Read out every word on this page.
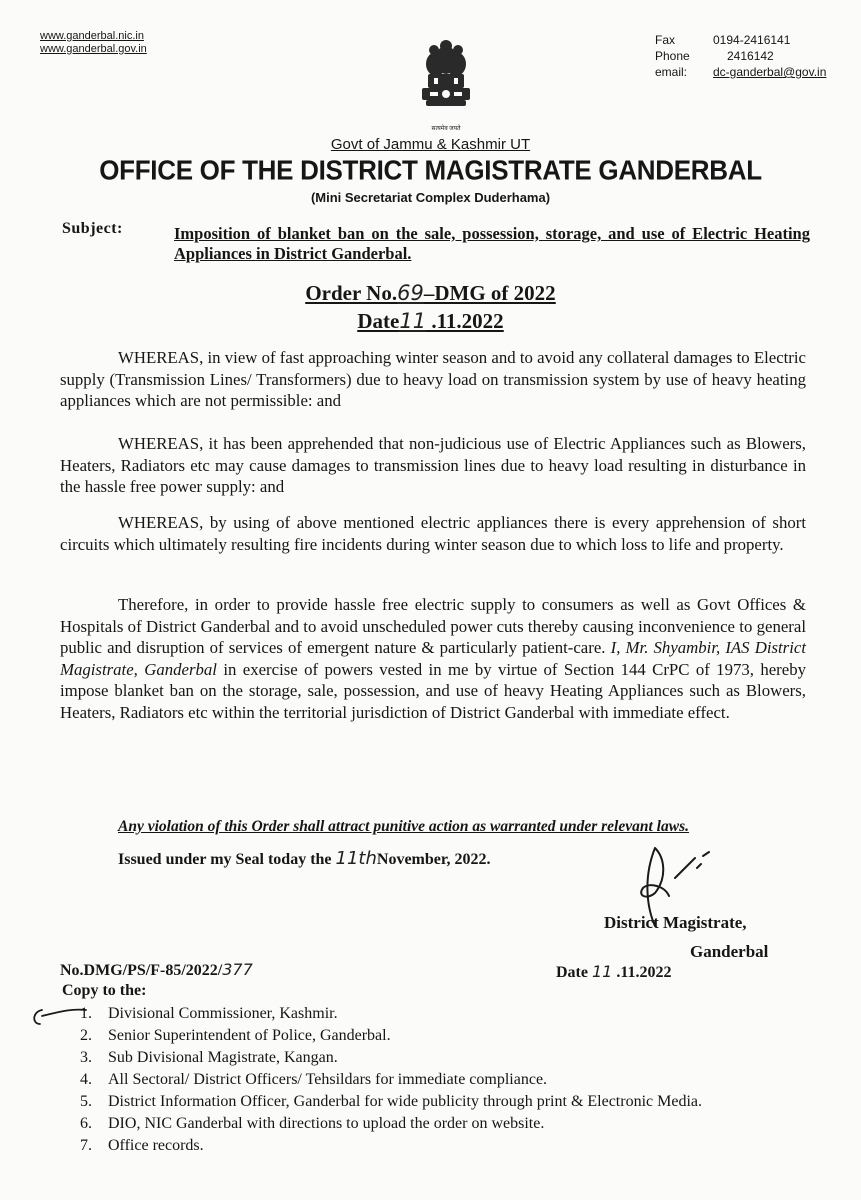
www.ganderbal.nic.in
www.ganderbal.gov.in
Fax	0194-2416141
Phone	2416142
email: dc-ganderbal@gov.in
सत्यमेव जयते
Govt of Jammu & Kashmir UT
OFFICE OF THE DISTRICT MAGISTRATE GANDERBAL
(Mini Secretariat Complex Duderhama)
Subject:	Imposition of blanket ban on the sale, possession, storage, and use of Electric Heating Appliances in District Ganderbal.
Order No.69–DMG of 2022
Date11 .11.2022
WHEREAS, in view of fast approaching winter season and to avoid any collateral damages to Electric supply (Transmission Lines/ Transformers) due to heavy load on transmission system by use of heavy heating appliances which are not permissible: and
WHEREAS, it has been apprehended that non-judicious use of Electric Appliances such as Blowers, Heaters, Radiators etc may cause damages to transmission lines due to heavy load resulting in disturbance in the hassle free power supply: and
WHEREAS, by using of above mentioned electric appliances there is every apprehension of short circuits which ultimately resulting fire incidents during winter season due to which loss to life and property.
Therefore, in order to provide hassle free electric supply to consumers as well as Govt Offices & Hospitals of District Ganderbal and to avoid unscheduled power cuts thereby causing inconvenience to general public and disruption of services of emergent nature & particularly patient-care. I, Mr. Shyambir, IAS District Magistrate, Ganderbal in exercise of powers vested in me by virtue of Section 144 CrPC of 1973, hereby impose blanket ban on the storage, sale, possession, and use of heavy Heating Appliances such as Blowers, Heaters, Radiators etc within the territorial jurisdiction of District Ganderbal with immediate effect.
Any violation of this Order shall attract punitive action as warranted under relevant laws.
Issued under my Seal today the 11thNovember, 2022.
District Magistrate,
Ganderbal
Date 11 .11.2022
No.DMG/PS/F-85/2022/377
Copy to the:
1.	Divisional Commissioner, Kashmir.
2.	Senior Superintendent of Police, Ganderbal.
3.	Sub Divisional Magistrate, Kangan.
4.	All Sectoral/ District Officers/ Tehsildars for immediate compliance.
5.	District Information Officer, Ganderbal for wide publicity through print & Electronic Media.
6.	DIO, NIC Ganderbal with directions to upload the order on website.
7.	Office records.
